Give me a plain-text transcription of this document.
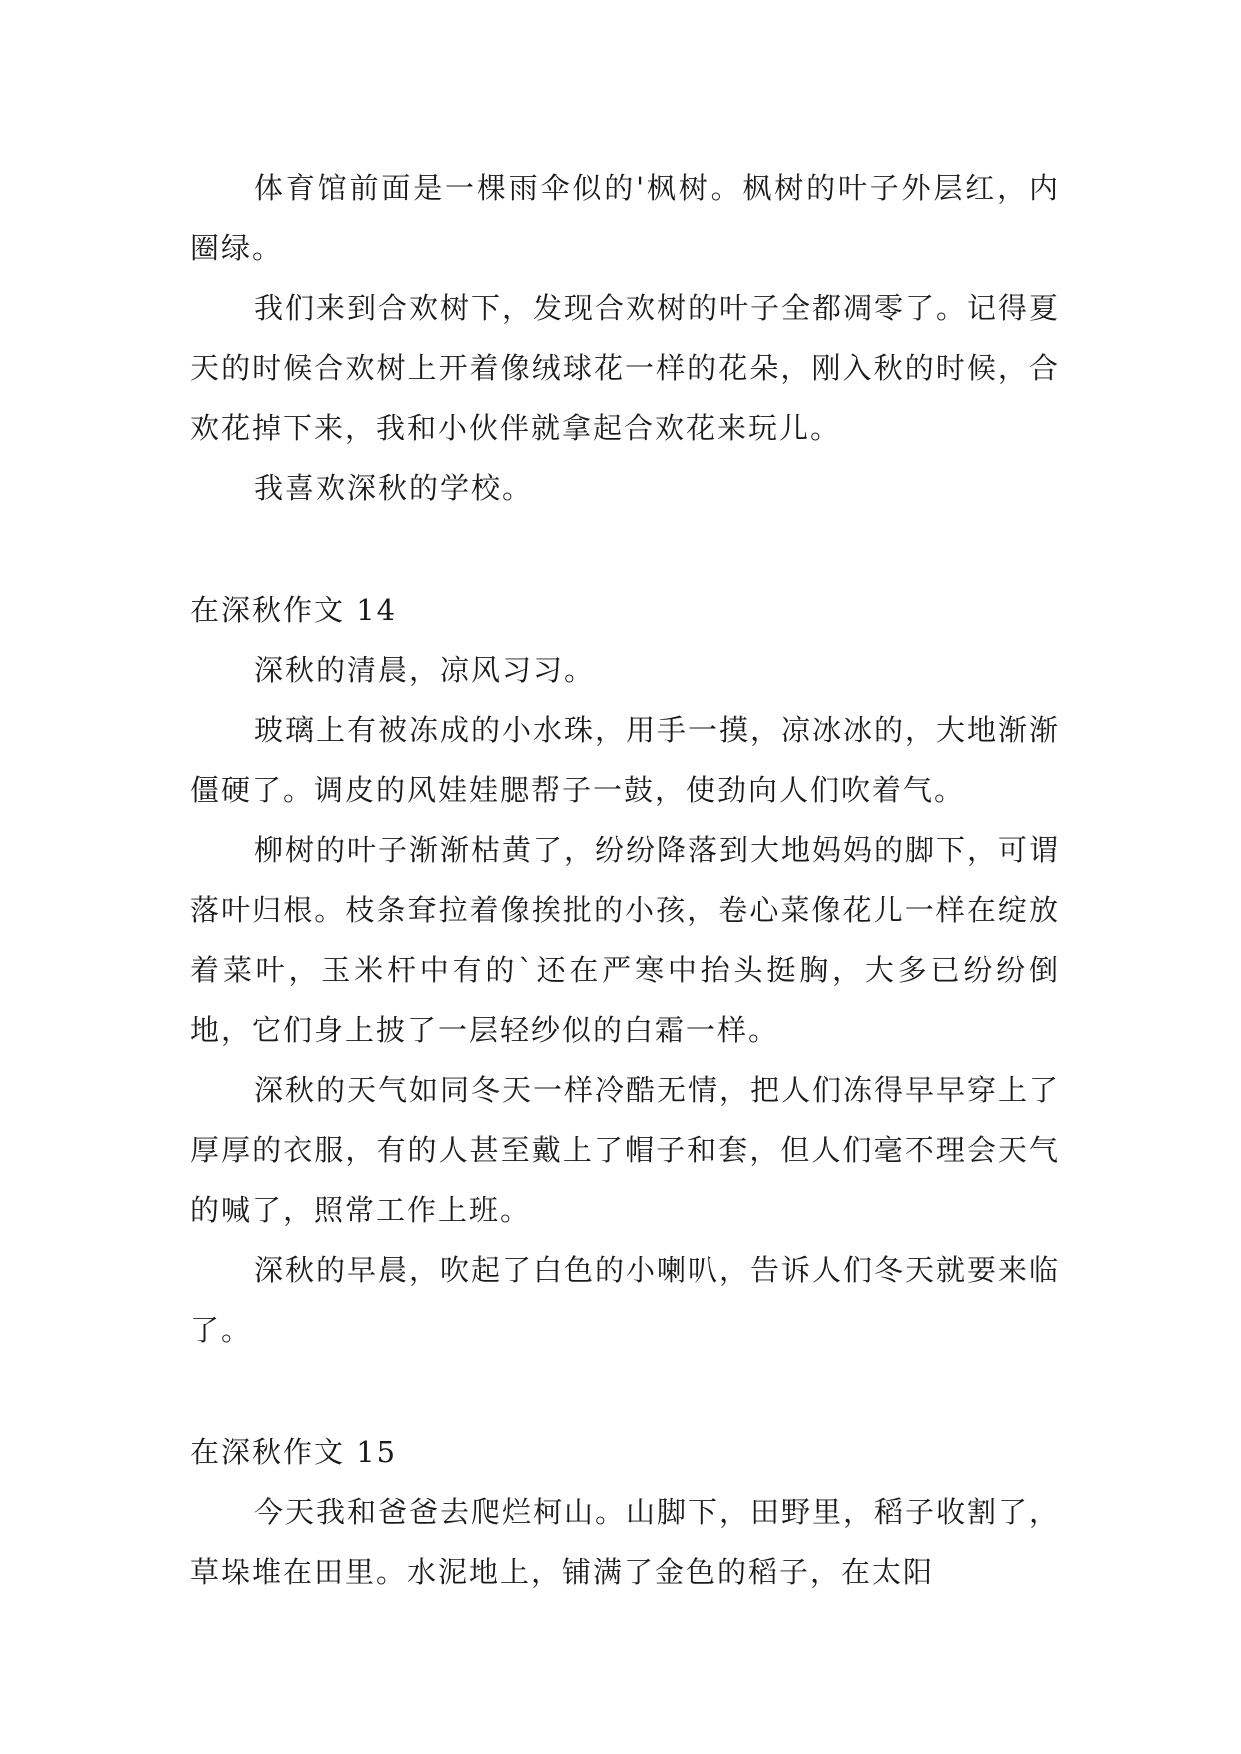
体育馆前面是一棵雨伞似的'枫树。枫树的叶子外层红，内圈绿。

我们来到合欢树下，发现合欢树的叶子全都凋零了。记得夏天的时候合欢树上开着像绒球花一样的花朵，刚入秋的时候，合欢花掉下来，我和小伙伴就拿起合欢花来玩儿。

我喜欢深秋的学校。

在深秋作文 14

深秋的清晨，凉风习习。

玻璃上有被冻成的小水珠，用手一摸，凉冰冰的，大地渐渐僵硬了。调皮的风娃娃腮帮子一鼓，使劲向人们吹着气。

柳树的叶子渐渐枯黄了，纷纷降落到大地妈妈的脚下，可谓落叶归根。枝条耷拉着像挨批的小孩，卷心菜像花儿一样在绽放着菜叶，玉米杆中有的`还在严寒中抬头挺胸，大多已纷纷倒地，它们身上披了一层轻纱似的白霜一样。

深秋的天气如同冬天一样冷酷无情，把人们冻得早早穿上了厚厚的衣服，有的人甚至戴上了帽子和套，但人们毫不理会天气的喊了，照常工作上班。

深秋的早晨，吹起了白色的小喇叭，告诉人们冬天就要来临了。

在深秋作文 15

今天我和爸爸去爬烂柯山。山脚下，田野里，稻子收割了，草垛堆在田里。水泥地上，铺满了金色的稻子，在太阳
